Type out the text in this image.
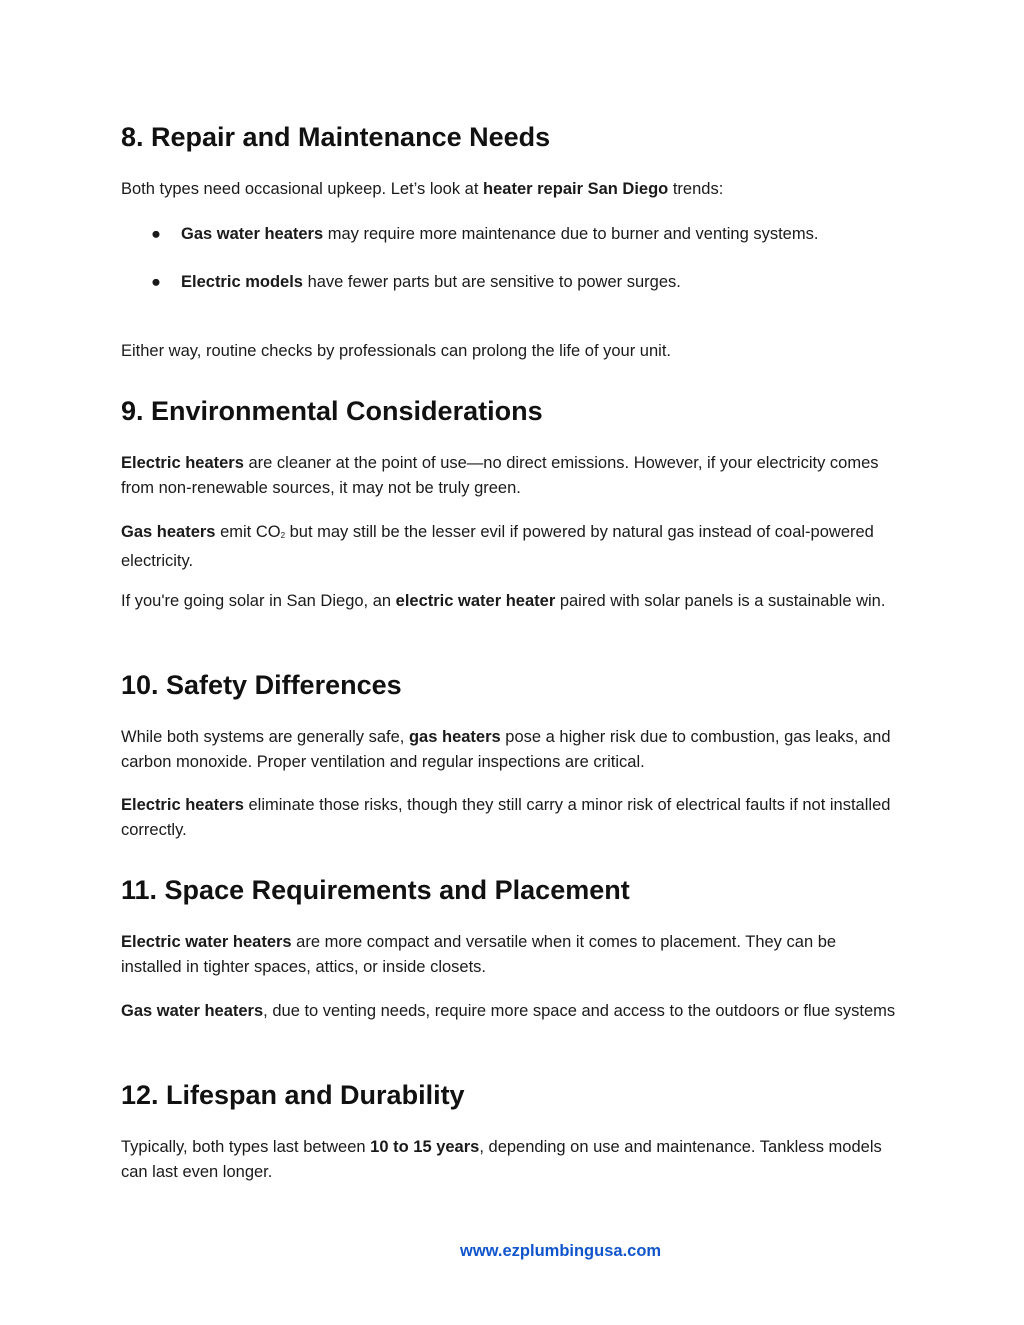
8. Repair and Maintenance Needs

Both types need occasional upkeep. Let’s look at heater repair San Diego trends:

●	Gas water heaters may require more maintenance due to burner and venting systems.
●	Electric models have fewer parts but are sensitive to power surges.

Either way, routine checks by professionals can prolong the life of your unit.

9. Environmental Considerations

Electric heaters are cleaner at the point of use—no direct emissions. However, if your electricity comes from non-renewable sources, it may not be truly green.

Gas heaters emit $CO_2$ but may still be the lesser evil if powered by natural gas instead of coal-powered electricity.

If you're going solar in San Diego, an electric water heater paired with solar panels is a sustainable win.

10. Safety Differences

While both systems are generally safe, gas heaters pose a higher risk due to combustion, gas leaks, and carbon monoxide. Proper ventilation and regular inspections are critical.

Electric heaters eliminate those risks, though they still carry a minor risk of electrical faults if not installed correctly.

11. Space Requirements and Placement

Electric water heaters are more compact and versatile when it comes to placement. They can be installed in tighter spaces, attics, or inside closets.

Gas water heaters, due to venting needs, require more space and access to the outdoors or flue systems

12. Lifespan and Durability

Typically, both types last between 10 to 15 years, depending on use and maintenance. Tankless models can last even longer.

www.ezplumbingusa.com
